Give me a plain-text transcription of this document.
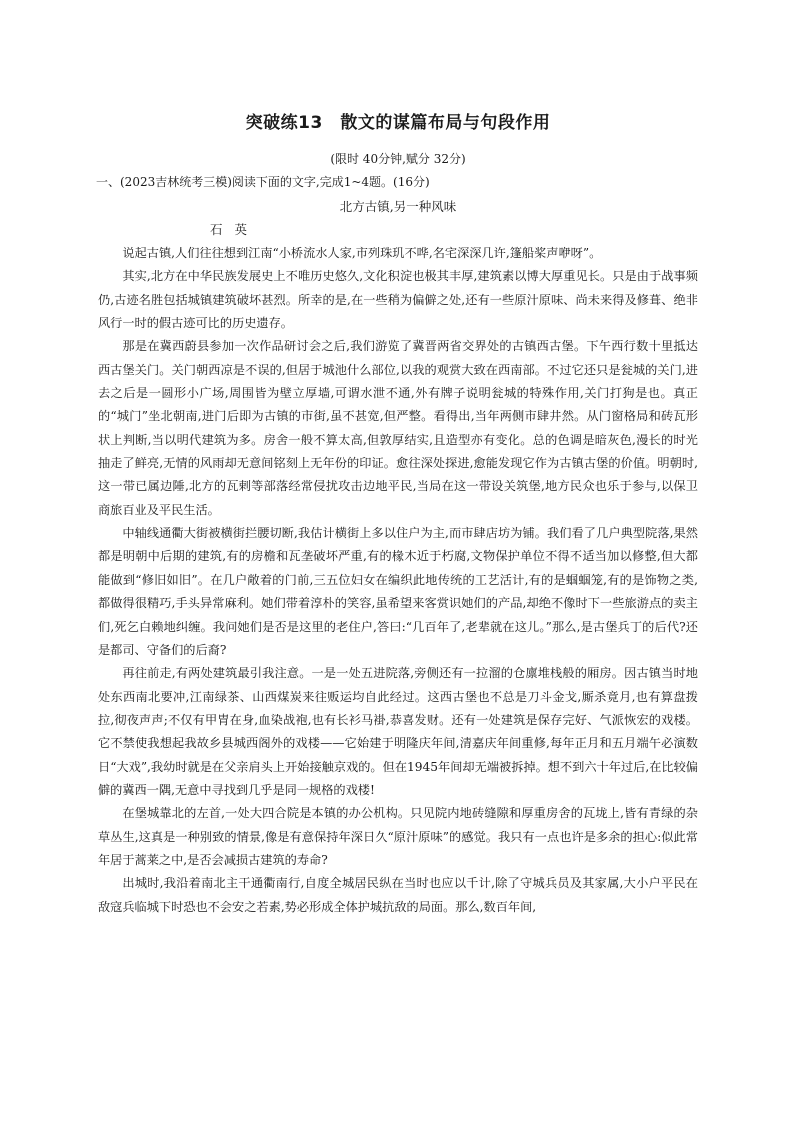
突破练13　散文的谋篇布局与句段作用
(限时 40分钟,赋分 32分)
一、(2023吉林统考三模)阅读下面的文字,完成1~4题。(16分)
北方古镇,另一种风味
石英

说起古镇,人们往往想到江南“小桥流水人家,市列珠玑不哗,名宅深深几许,篷船桨声咿呀”。

其实,北方在中华民族发展史上不唯历史悠久,文化积淀也极其丰厚,建筑素以博大厚重见长。只是由于战事频仍,古迹名胜包括城镇建筑破坏甚烈。所幸的是,在一些稍为偏僻之处,还有一些原汁原味、尚未来得及修葺、绝非风行一时的假古迹可比的历史遗存。

那是在冀西蔚县参加一次作品研讨会之后,我们游览了冀晋两省交界处的古镇西古堡。下午西行数十里抵达西古堡关门。关门朝西凉是不误的,但居于城池什么部位,以我的观赏大致在西南部。不过它还只是瓮城的关门,进去之后是一圆形小广场,周围皆为壁立厚墙,可谓水泄不通,外有牌子说明瓮城的特殊作用,关门打狗是也。真正的“城门”坐北朝南,进门后即为古镇的市街,虽不甚宽,但严整。看得出,当年两侧市肆井然。从门窗格局和砖瓦形状上判断,当以明代建筑为多。房舍一般不算太高,但敦厚结实,且造型亦有变化。总的色调是暗灰色,漫长的时光抽走了鲜亮,无情的风雨却无意间铭刻上无年份的印证。愈往深处探进,愈能发现它作为古镇古堡的价值。明朝时,这一带已属边陲,北方的瓦剌等部落经常侵扰攻击边地平民,当局在这一带设关筑堡,地方民众也乐于参与,以保卫商旅百业及平民生活。

中轴线通衢大街被横街拦腰切断,我估计横街上多以住户为主,而市肆店坊为铺。我们看了几户典型院落,果然都是明朝中后期的建筑,有的房檐和瓦垄破坏严重,有的椽木近于朽腐,文物保护单位不得不适当加以修整,但大都能做到“修旧如旧”。在几户敞着的门前,三五位妇女在编织此地传统的工艺活计,有的是蝈蝈笼,有的是饰物之类,都做得很精巧,手头异常麻利。她们带着淳朴的笑容,虽希望来客赏识她们的产品,却绝不像时下一些旅游点的卖主们,死乞白赖地纠缠。我问她们是否是这里的老住户,答曰:“几百年了,老辈就在这儿。”那么,是古堡兵丁的后代?还是都司、守备们的后裔?

再往前走,有两处建筑最引我注意。一是一处五进院落,旁侧还有一拉溜的仓廪堆栈般的厢房。因古镇当时地处东西南北要冲,江南绿茶、山西煤炭来往贩运均自此经过。这西古堡也不总是刀斗金戈,厮杀竟月,也有算盘拨拉,彻夜声声;不仅有甲胄在身,血染战袍,也有长衫马褂,恭喜发财。还有一处建筑是保存完好、气派恢宏的戏楼。它不禁使我想起我故乡县城西阁外的戏楼——它始建于明隆庆年间,清嘉庆年间重修,每年正月和五月端午必演数日“大戏”,我幼时就是在父亲肩头上开始接触京戏的。但在1945年间却无端被拆掉。想不到六十年过后,在比较偏僻的冀西一隅,无意中寻找到几乎是同一规格的戏楼!

在堡城靠北的左首,一处大四合院是本镇的办公机构。只见院内地砖缝隙和厚重房舍的瓦垅上,皆有青绿的杂草丛生,这真是一种别致的情景,像是有意保持年深日久“原汁原味”的感觉。我只有一点也许是多余的担心:似此常年居于蒿莱之中,是否会减损古建筑的寿命?

出城时,我沿着南北主干通衢南行,自度全城居民纵在当时也应以千计,除了守城兵员及其家属,大小户平民在敌寇兵临城下时恐也不会安之若素,势必形成全体护城抗敌的局面。那么,数百年间,
